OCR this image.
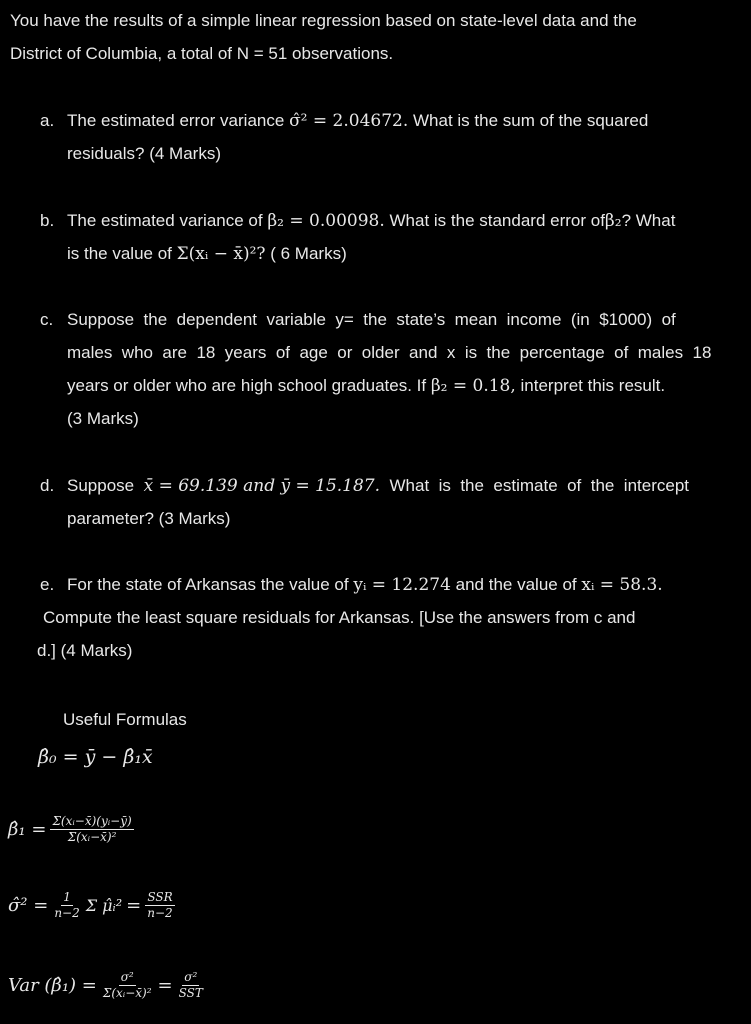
You have the results of a simple linear regression based on state-level data and the
District of Columbia, a total of N = 51 observations.
a. The estimated error variance σ̂² = 2.04672. What is the sum of the squared
residuals? (4 Marks)
b. The estimated variance of β₂ = 0.00098. What is the standard error ofβ₂? What
is the value of Σ(xᵢ − x̄)²? ( 6 Marks)
c. Suppose  the  dependent  variable  y=  the  state’s  mean  income  (in  $1000)  of
males  who  are  18  years  of  age  or  older  and  x  is  the  percentage  of  males  18
years or older who are high school graduates. If β₂ = 0.18, interpret this result.
(3 Marks)
d. Suppose x̄ = 69.139 and ȳ = 15.187. What  is  the  estimate  of  the  intercept
parameter? (3 Marks)
e. For the state of Arkansas the value of yᵢ = 12.274 and the value of xᵢ = 58.3.
Compute the least square residuals for Arkansas. [Use the answers from c and
d.] (4 Marks)
Useful Formulas
β̂₀ = ȳ − β̂₁x̄
β̂₁ = $\frac{\text{Σ(xᵢ−x̄)(yᵢ−ȳ)}}{\text{Σ(xᵢ−x̄)²}}$
σ̂² = $\frac{1}{n-2}$ Σ μ̂ᵢ² = $\frac{\text{SSR}}{n-2}$
Var (β̂₁) = $\frac{\text{σ²}}{\text{Σ(xᵢ−x̄)²}} = \frac{\text{σ²}}{\text{SST}}$
